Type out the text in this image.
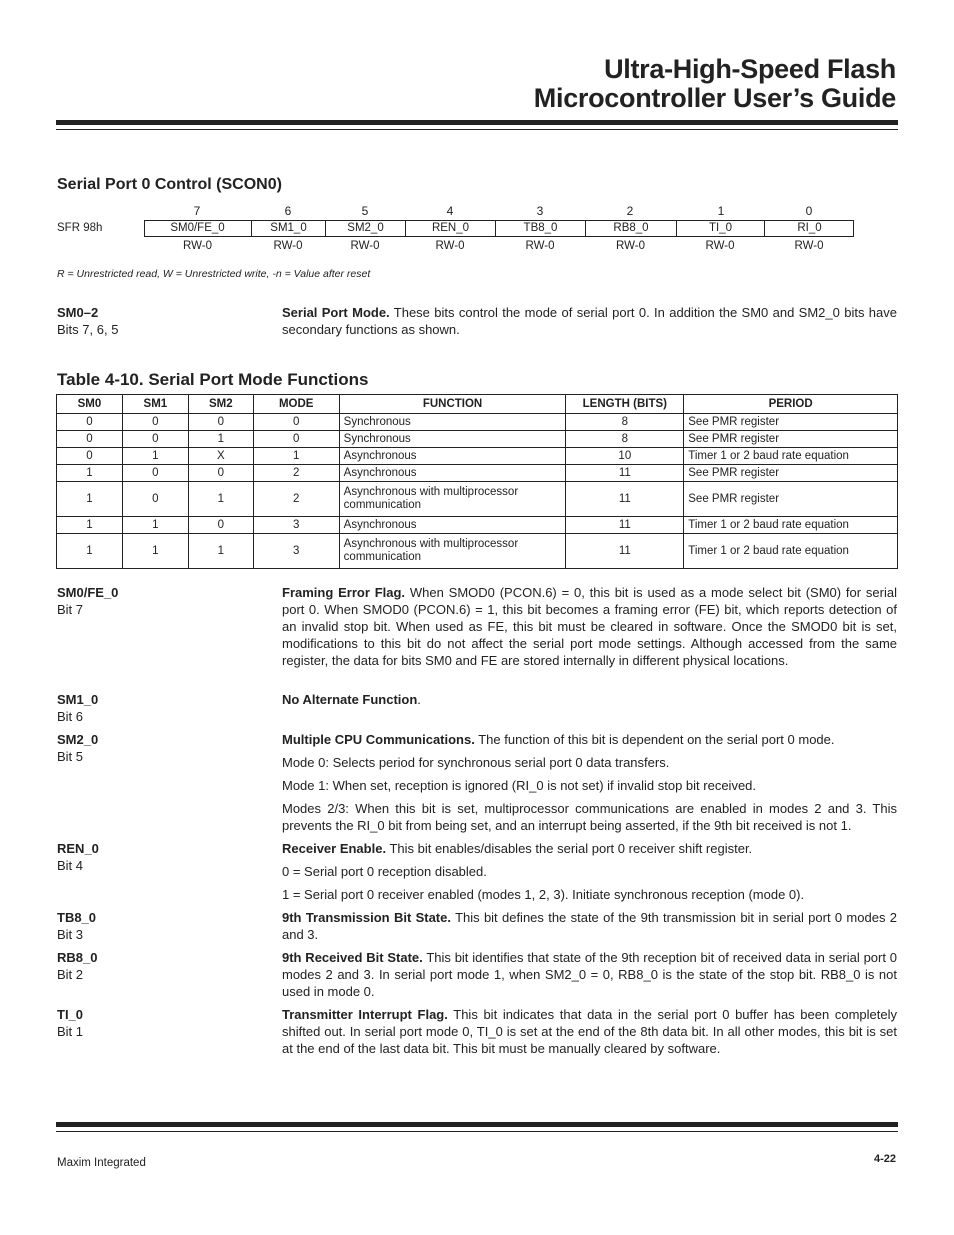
Ultra-High-Speed Flash
Microcontroller User’s Guide
Serial Port 0 Control (SCON0)
SFR 98h
7	6	5	4	3	2	1	0
SM0/FE_0	SM1_0	SM2_0	REN_0	TB8_0	RB8_0	TI_0	RI_0
RW-0	RW-0	RW-0	RW-0	RW-0	RW-0	RW-0	RW-0
R = Unrestricted read, W = Unrestricted write, -n = Value after reset
SM0–2
Bits 7, 6, 5

Serial Port Mode. These bits control the mode of serial port 0. In addition the SM0 and SM2_0 bits have secondary functions as shown.

Table 4-10. Serial Port Mode Functions
SM0	SM1	SM2	MODE	FUNCTION	LENGTH (BITS)	PERIOD
0	0	0	0	Synchronous	8	See PMR register
0	0	1	0	Synchronous	8	See PMR register
0	1	X	1	Asynchronous	10	Timer 1 or 2 baud rate equation
1	0	0	2	Asynchronous	11	See PMR register
1	0	1	2	Asynchronous with multiprocessor communication	11	See PMR register
1	1	0	3	Asynchronous	11	Timer 1 or 2 baud rate equation
1	1	1	3	Asynchronous with multiprocessor communication	11	Timer 1 or 2 baud rate equation
SM0/FE_0
Bit 7

Framing Error Flag. When SMOD0 (PCON.6) = 0, this bit is used as a mode select bit (SM0) for serial port 0. When SMOD0 (PCON.6) = 1, this bit becomes a framing error (FE) bit, which reports detection of an invalid stop bit. When used as FE, this bit must be cleared in software. Once the SMOD0 bit is set, modifications to this bit do not affect the serial port mode settings. Although accessed from the same register, the data for bits SM0 and FE are stored internally in different physical locations.

SM1_0
Bit 6

No Alternate Function.

SM2_0
Bit 5

Multiple CPU Communications. The function of this bit is dependent on the serial port 0 mode.

Mode 0: Selects period for synchronous serial port 0 data transfers.

Mode 1: When set, reception is ignored (RI_0 is not set) if invalid stop bit received.

Modes 2/3: When this bit is set, multiprocessor communications are enabled in modes 2 and 3. This prevents the RI_0 bit from being set, and an interrupt being asserted, if the 9th bit received is not 1.

REN_0
Bit 4

Receiver Enable. This bit enables/disables the serial port 0 receiver shift register.

0 = Serial port 0 reception disabled.

1 = Serial port 0 receiver enabled (modes 1, 2, 3). Initiate synchronous reception (mode 0).

TB8_0
Bit 3

9th Transmission Bit State. This bit defines the state of the 9th transmission bit in serial port 0 modes 2 and 3.

RB8_0
Bit 2

9th Received Bit State. This bit identifies that state of the 9th reception bit of received data in serial port 0 modes 2 and 3. In serial port mode 1, when SM2_0 = 0, RB8_0 is the state of the stop bit. RB8_0 is not used in mode 0.

TI_0
Bit 1

Transmitter Interrupt Flag. This bit indicates that data in the serial port 0 buffer has been completely shifted out. In serial port mode 0, TI_0 is set at the end of the 8th data bit. In all other modes, this bit is set at the end of the last data bit. This bit must be manually cleared by software.

Maxim Integrated	4-22
